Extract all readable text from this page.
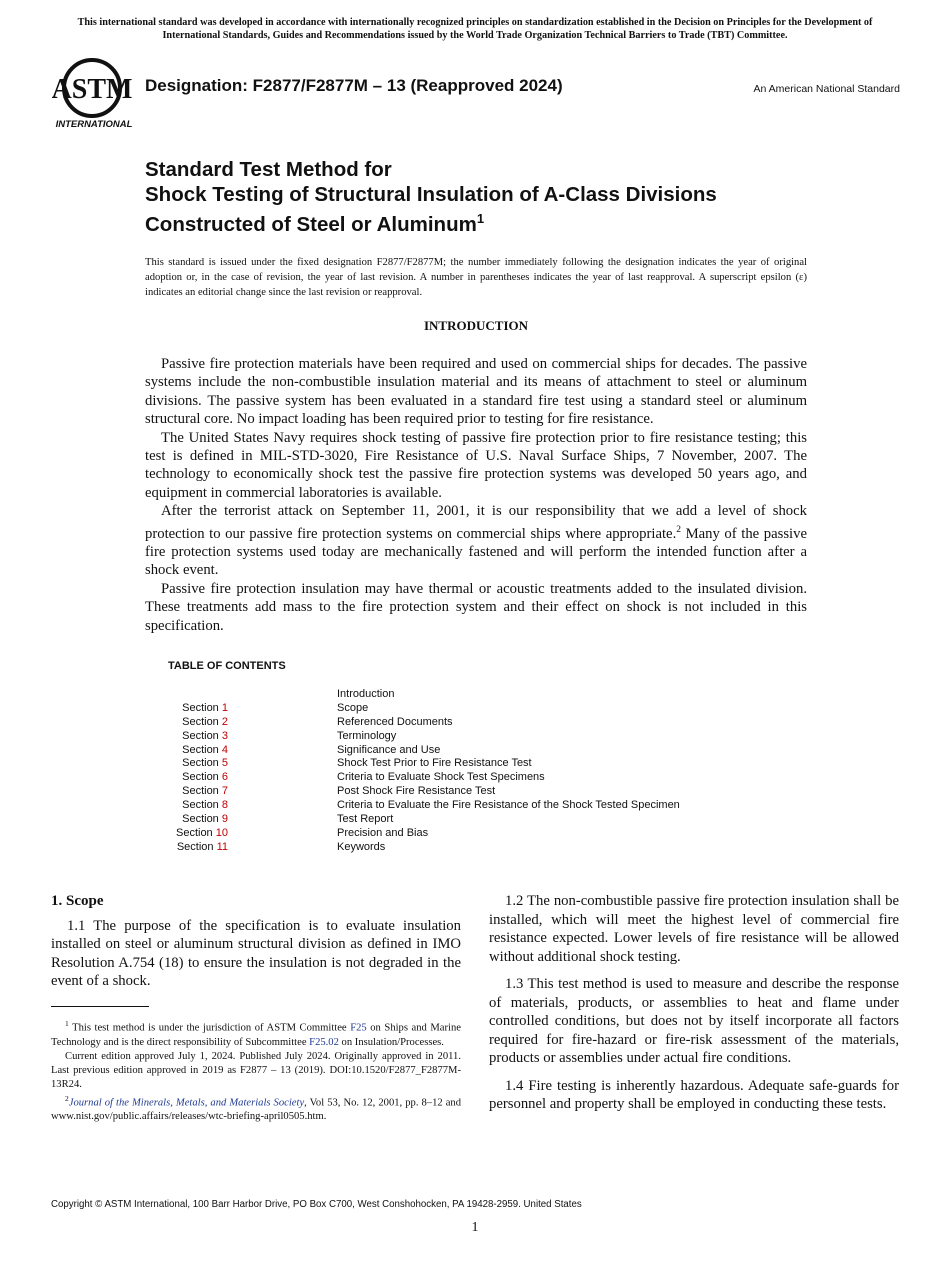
This international standard was developed in accordance with internationally recognized principles on standardization established in the Decision on Principles for the Development of International Standards, Guides and Recommendations issued by the World Trade Organization Technical Barriers to Trade (TBT) Committee.
ASTM
INTERNATIONAL
Designation: F2877/F2877M – 13 (Reapproved 2024)	An American National Standard
Standard Test Method for
Shock Testing of Structural Insulation of A-Class Divisions
Constructed of Steel or Aluminum$^1$
This standard is issued under the fixed designation F2877/F2877M; the number immediately following the designation indicates the year of original adoption or, in the case of revision, the year of last revision. A number in parentheses indicates the year of last reapproval. A superscript epsilon (ε) indicates an editorial change since the last revision or reapproval.
INTRODUCTION

Passive fire protection materials have been required and used on commercial ships for decades. The passive systems include the non-combustible insulation material and its means of attachment to steel or aluminum divisions. The passive system has been evaluated in a standard fire test using a standard steel or aluminum structural core. No impact loading has been required prior to testing for fire resistance.

The United States Navy requires shock testing of passive fire protection prior to fire resistance testing; this test is defined in MIL-STD-3020, Fire Resistance of U.S. Naval Surface Ships, 7 November, 2007. The technology to economically shock test the passive fire protection systems was developed 50 years ago, and equipment in commercial laboratories is available.

After the terrorist attack on September 11, 2001, it is our responsibility that we add a level of shock protection to our passive fire protection systems on commercial ships where appropriate.$^2$ Many of the passive fire protection systems used today are mechanically fastened and will perform the intended function after a shock event.

Passive fire protection insulation may have thermal or acoustic treatments added to the insulated division. These treatments add mass to the fire protection system and their effect on shock is not included in this specification.

TABLE OF CONTENTS
Introduction
Section 1	Scope
Section 2	Referenced Documents
Section 3	Terminology
Section 4	Significance and Use
Section 5	Shock Test Prior to Fire Resistance Test
Section 6	Criteria to Evaluate Shock Test Specimens
Section 7	Post Shock Fire Resistance Test
Section 8	Criteria to Evaluate the Fire Resistance of the Shock Tested Specimen
Section 9	Test Report
Section 10	Precision and Bias
Section 11	Keywords

1. Scope

1.1 The purpose of the specification is to evaluate insulation installed on steel or aluminum structural division as defined in IMO Resolution A.754 (18) to ensure the insulation is not degraded in the event of a shock.

$^1$ This test method is under the jurisdiction of ASTM Committee F25 on Ships and Marine Technology and is the direct responsibility of Subcommittee F25.02 on Insulation/Processes.

Current edition approved July 1, 2024. Published July 2024. Originally approved in 2011. Last previous edition approved in 2019 as F2877 – 13 (2019). DOI:10.1520/F2877_F2877M-13R24.

$^2$Journal of the Minerals, Metals, and Materials Society, Vol 53, No. 12, 2001, pp. 8–12 and www.nist.gov/public.affairs/releases/wtc-briefing-april0505.htm.

1.2 The non-combustible passive fire protection insulation shall be installed, which will meet the highest level of commercial fire resistance expected. Lower levels of fire resistance will be allowed without additional shock testing.

1.3 This test method is used to measure and describe the response of materials, products, or assemblies to heat and flame under controlled conditions, but does not by itself incorporate all factors required for fire-hazard or fire-risk assessment of the materials, products or assemblies under actual fire conditions.

1.4 Fire testing is inherently hazardous. Adequate safe-guards for personnel and property shall be employed in conducting these tests.

Copyright © ASTM International, 100 Barr Harbor Drive, PO Box C700, West Conshohocken, PA 19428-2959. United States
1
